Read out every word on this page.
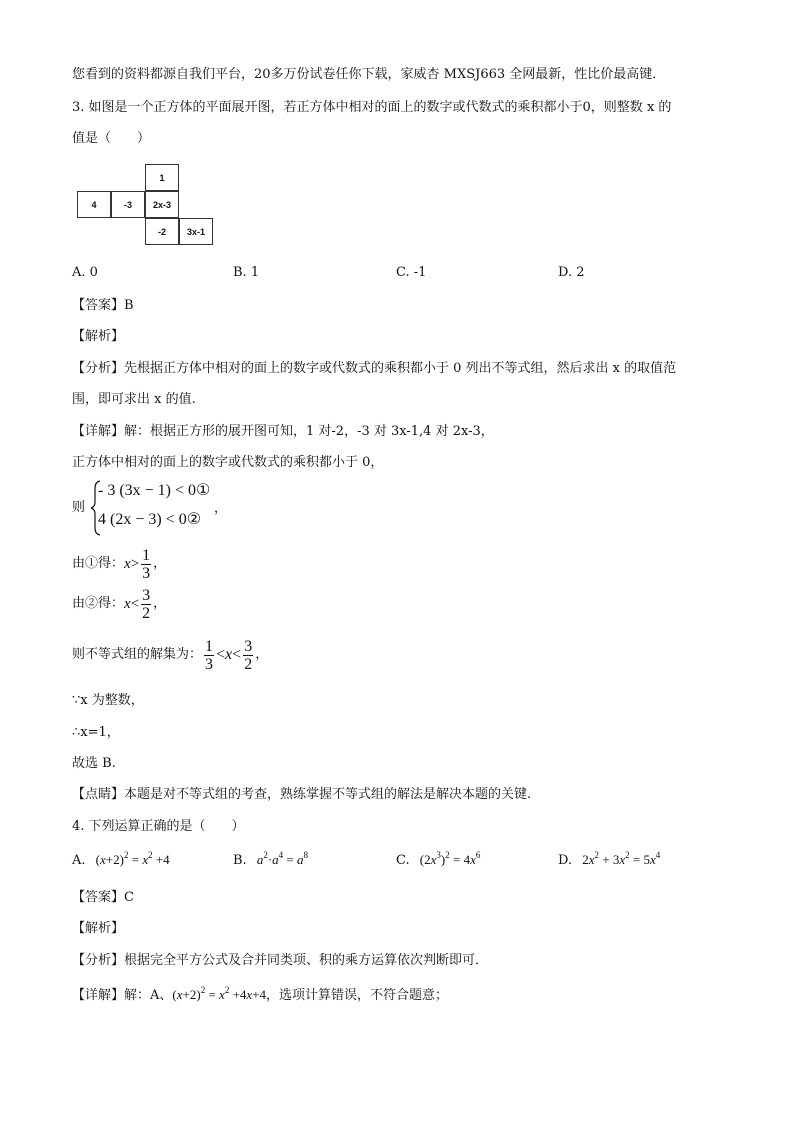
您看到的资料都源自我们平台，20多万份试卷任你下载，家威杏 MXSJ663 全网最新，性比价最高键．
3. 如图是一个正方体的平面展开图，若正方体中相对的面上的数字或代数式的乘积都小于0，则整数 x 的
值是（　　）
1
4	-3	2x-3
-2	3x-1
A. 0	B. 1	C. -1	D. 2
【答案】B
【解析】
【分析】先根据正方体中相对的面上的数字或代数式的乘积都小于 0 列出不等式组，然后求出 x 的取值范
围，即可求出 x 的值.
【详解】解：根据正方形的展开图可知，1 对-2，-3 对 3x-1,4 对 2x-3，
正方体中相对的面上的数字或代数式的乘积都小于 0，
则
- 3 (3x − 1) < 0①
4 (2x − 3) < 0②
，
由①得： $x > \frac{1}{3}$ ，
由②得： $x < \frac{3}{2}$ ，
则不等式组的解集为： $\frac{1}{3} < x < \frac{3}{2}$ ，
∵x 为整数，
∴x=1，
故选 B.
【点睛】本题是对不等式组的考查，熟练掌握不等式组的解法是解决本题的关键.
4. 下列运算正确的是（　　）
A. $(x+2)^2 = x^2 +4$	B. $a^2\cdot a^4 = a^8$	C. $(2x^3)^2 = 4x^6$	D. $2x^2 + 3x^2 = 5x^4$
【答案】C
【解析】
【分析】根据完全平方公式及合并同类项、积的乘方运算依次判断即可．
【详解】解：A、$(x+2)^2 = x^2 +4x+4$，选项计算错误，不符合题意；
